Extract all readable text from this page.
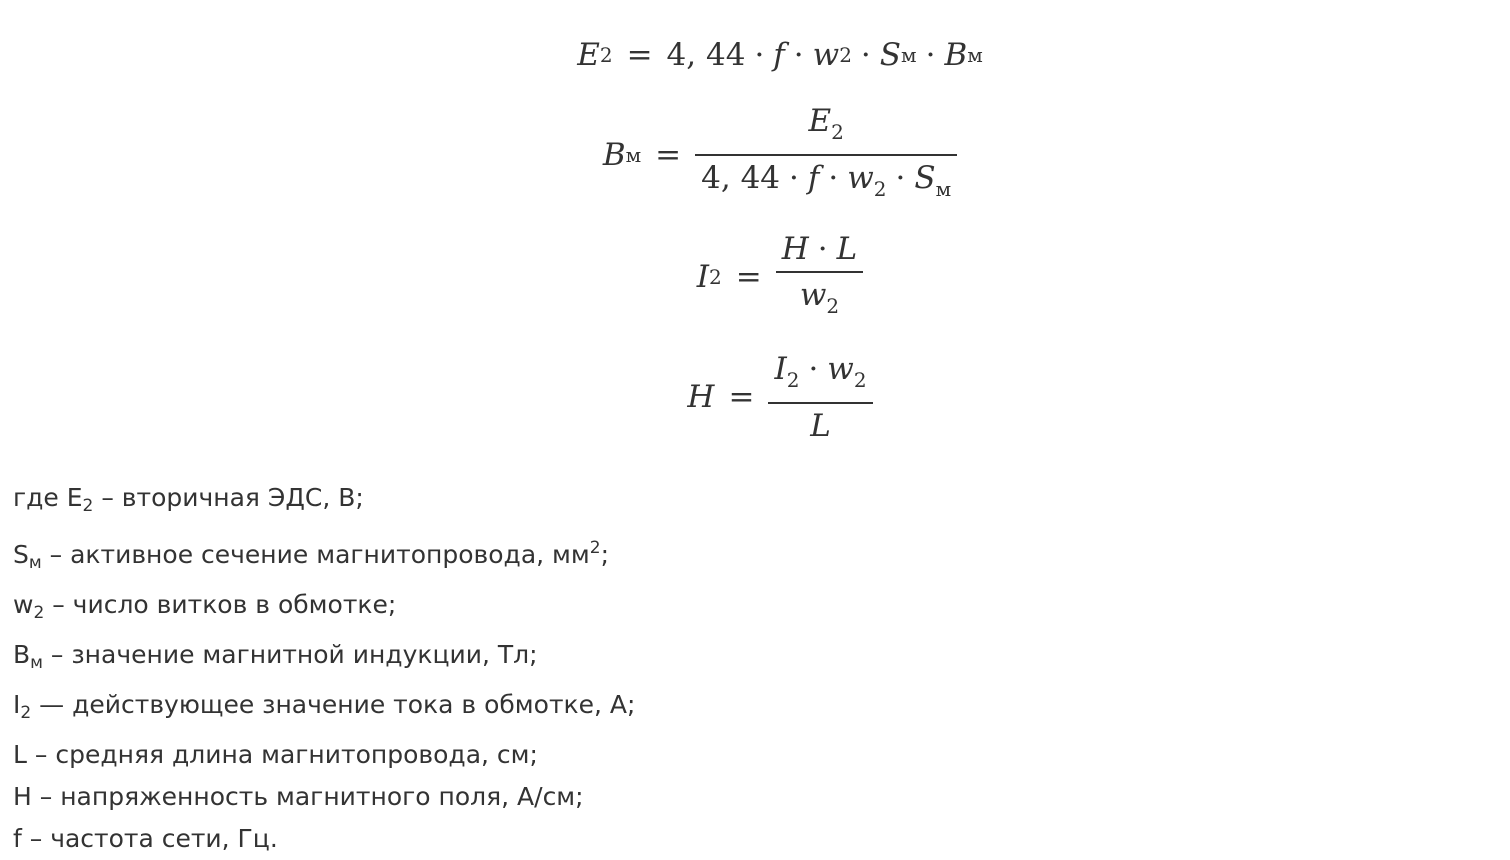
E 2 = 4, 44 · f · w 2 · S м · B м
B $м = \frac{E_2}{4, 44 \cdot f \cdot w_2 \cdot S_м}$
I $2 = \frac{H \cdot L}{w_2}$
$H = \frac{I_2 \cdot w_2}{L}$
где $E_2$ – вторичная ЭДС, В;
$S_м$ – активное сечение магнитопровода, $мм^2$;
$w_2$ – число витков в обмотке;
$B_м$ – значение магнитной индукции, Тл;
$I_2$ — действующее значение тока в обмотке, А;
L – средняя длина магнитопровода, см;
H – напряженность магнитного поля, А/см;
f – частота сети, Гц.
